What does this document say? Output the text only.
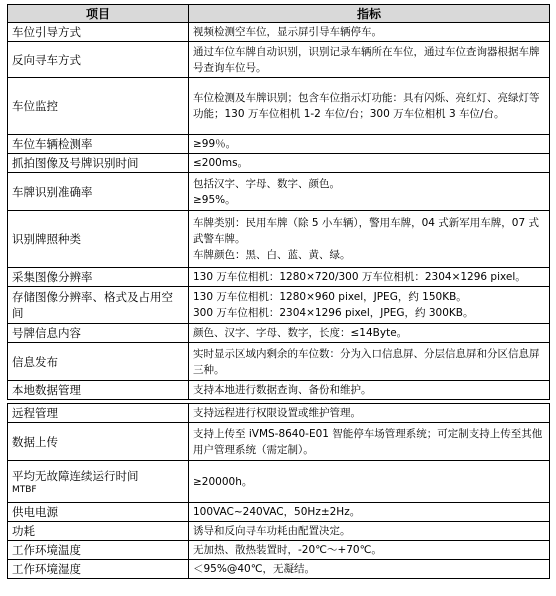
项目	指标
车位引导方式	视频检测空车位，显示屏引导车辆停车。

反向寻车方式	通过车位车牌自动识别，识别记录车辆所在车位，通过车位查询器根据车牌号查询车位号。

车位监控	车位检测及车牌识别；包含车位指示灯功能：具有闪烁、亮红灯、亮绿灯等功能；130 万车位相机 1-2 车位/台；300 万车位相机 3 车位/台。

车位车辆检测率	≥99％。

抓拍图像及号牌识别时间	≤200ms。

车牌识别准确率	包括汉字、字母、数字、颜色。
≥95%。

识别牌照种类	车牌类别：民用车牌（除 5 小车辆），警用车牌，04 式新军用车牌，07 式武警车牌。
车牌颜色：黑、白、蓝、黄、绿。

采集图像分辨率	130 万车位相机：1280×720/300 万车位相机：2304×1296 pixel。

存储图像分辨率、格式及占用空间	130 万车位相机：1280×960 pixel，JPEG，约 150KB。
300 万车位相机：2304×1296 pixel，JPEG，约 300KB。

号牌信息内容	颜色、汉字、字母、数字，长度：≤14Byte。

信息发布	实时显示区域内剩余的车位数：分为入口信息屏、分层信息屏和分区信息屏三种。

本地数据管理	支持本地进行数据查询、备份和维护。

远程管理	支持远程进行权限设置或维护管理。

数据上传	支持上传至 iVMS-8640-E01 智能停车场管理系统；可定制支持上传至其他用户管理系统（需定制）。

平均无故障连续运行时间
MTBF	≥20000h。

供电电源	100VAC~240VAC，50Hz±2Hz。

功耗	诱导和反向寻车功耗由配置决定。

工作环境温度	无加热、散热装置时，-20℃～+70℃。

工作环境湿度	＜95%@40℃，无凝结。
